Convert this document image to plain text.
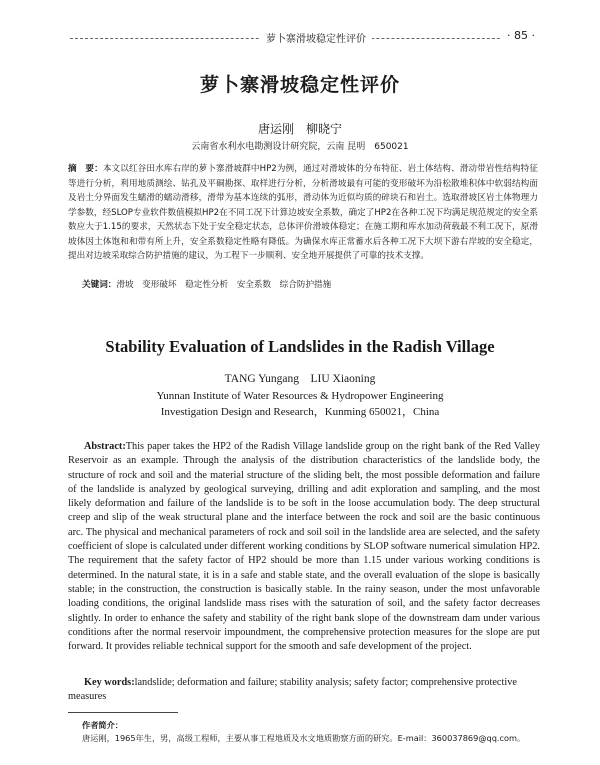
萝卜寨滑坡稳定性评价	· 85 ·
萝卜寨滑坡稳定性评价
唐运刚　柳晓宁
云南省水利水电勘测设计研究院，云南 昆明　650021
摘　要：本文以红谷田水库右岸的萝卜寨滑坡群中HP2为例，通过对滑坡体的分布特征、岩土体结构、滑动带岩性结构特征等进行分析，利用地质测绘、钻孔及平硐勘探、取样进行分析，分析滑坡最有可能的变形破坏为沿松散堆积体中软弱结构面及岩土分界面发生蠕滑的蠕动滑移，滑带为基本连续的弧形，滑动体为近似均质的碎块石和岩土。选取滑坡区岩土体物理力学参数，经SLOP专业软件数值模拟HP2在不同工况下计算边坡安全系数，确定了HP2在各种工况下均满足规范规定的安全系数应大于1.15的要求，天然状态下处于安全稳定状态，总体评价滑坡体稳定；在施工期和库水加动荷载最不利工况下，原滑坡体因土体饱和和带有所上升，安全系数稳定性略有降低。为确保水库正常蓄水后各种工况下大坝下游右岸坡的安全稳定，提出对边坡采取综合防护措施的建议，为工程下一步顺利、安全地开展提供了可靠的技术支撑。
关键词：滑坡　变形破坏　稳定性分析　安全系数　综合防护措施
Stability Evaluation of Landslides in the Radish Village
TANG Yungang　LIU Xiaoning
Yunnan Institute of Water Resources & Hydropower Engineering Investigation Design and Research，Kunming 650021，China
Abstract:This paper takes the HP2 of the Radish Village landslide group on the right bank of the Red Valley Reservoir as an example. Through the analysis of the distribution characteristics of the landslide body, the structure of rock and soil and the material structure of the sliding belt, the most possible deformation and failure of the landslide is analyzed by geological surveying, drilling and adit exploration and sampling, and the most likely deformation and failure of the landslide is to be soft in the loose accumulation body. The deep structural creep and slip of the weak structural plane and the interface between the rock and soil are the basic continuous arc. The physical and mechanical parameters of rock and soil soil in the landslide area are selected, and the safety coefficient of slope is calculated under different working conditions by SLOP software numerical simulation HP2. The requirement that the safety factor of HP2 should be more than 1.15 under various working conditions is determined. In the natural state, it is in a safe and stable state, and the overall evaluation of the slope is basically stable; in the construction, the construction is basically stable. In the rainy season, under the most unfavorable loading conditions, the original landslide mass rises with the saturation of soil, and the safety factor decreases slightly. In order to enhance the safety and stability of the right bank slope of the downstream dam under various conditions after the normal reservoir impoundment, the comprehensive protection measures for the slope are put forward. It provides reliable technical support for the smooth and safe development of the project.
Key words:landslide; deformation and failure; stability analysis; safety factor; comprehensive protective measures
作者简介：
唐运刚，1965年生，男，高级工程师，主要从事工程地质及水文地质勘察方面的研究。E-mail：360037869@qq.com。
